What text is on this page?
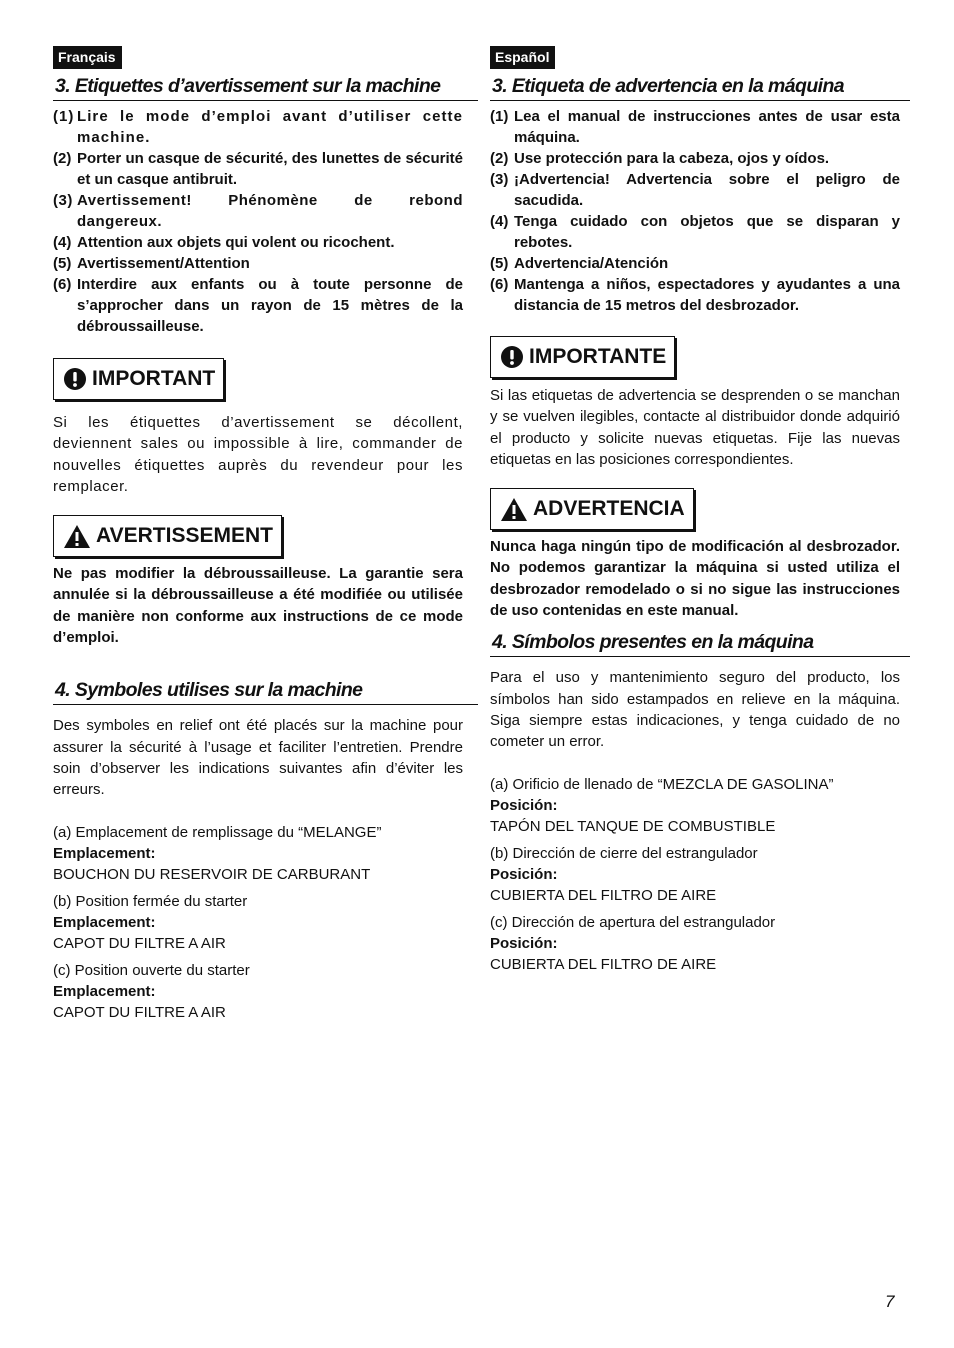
Français
3. Etiquettes d’avertissement sur la machine
(1) Lire le mode d’emploi avant d’utiliser cette machine.
(2) Porter un casque de sécurité, des lunettes de sécurité et un casque antibruit.
(3) Avertissement! Phénomène de rebond dangereux.
(4) Attention aux objets qui volent ou ricochent.
(5) Avertissement/Attention
(6) Interdire aux enfants ou à toute personne de s’approcher dans un rayon de 15 mètres de la débroussailleuse.
IMPORTANT

Si les étiquettes d’avertissement se décollent, deviennent sales ou impossible à lire, commander de nouvelles étiquettes auprès du revendeur pour les remplacer.

AVERTISSEMENT

Ne pas modifier la débroussailleuse. La garantie sera annulée si la débroussailleuse a été modifiée ou utilisée de manière non conforme aux instructions de ce mode d’emploi.

4. Symboles utilises sur la machine

Des symboles en relief ont été placés sur la machine pour assurer la sécurité à l’usage et faciliter l’entretien. Prendre soin d’observer les indications suivantes afin d’éviter les erreurs.

(a) Emplacement de remplissage du “MELANGE”
Emplacement:
BOUCHON DU RESERVOIR DE CARBURANT
(b) Position fermée du starter
Emplacement:
CAPOT DU FILTRE A AIR
(c) Position ouverte du starter
Emplacement:
CAPOT DU FILTRE A AIR
Español
3. Etiqueta de advertencia en la máquina
(1) Lea el manual de instrucciones antes de usar esta máquina.
(2) Use protección para la cabeza, ojos y oídos.
(3) ¡Advertencia! Advertencia sobre el peligro de sacudida.
(4) Tenga cuidado con objetos que se disparan y rebotes.
(5) Advertencia/Atención
(6) Mantenga a niños, espectadores y ayudantes a una distancia de 15 metros del desbrozador.
IMPORTANTE

Si las etiquetas de advertencia se desprenden o se manchan y se vuelven ilegibles, contacte al distribuidor donde adquirió el producto y solicite nuevas etiquetas. Fije las nuevas etiquetas en las posiciones correspondientes.

ADVERTENCIA

Nunca haga ningún tipo de modificación al desbrozador. No podemos garantizar la máquina si usted utiliza el desbrozador remodelado o si no sigue las instrucciones de uso contenidas en este manual.

4. Símbolos presentes en la máquina

Para el uso y mantenimiento seguro del producto, los símbolos han sido estampados en relieve en la máquina. Siga siempre estas indicaciones, y tenga cuidado de no cometer un error.

(a) Orificio de llenado de “MEZCLA DE GASOLINA”
Posición:
TAPÓN DEL TANQUE DE COMBUSTIBLE
(b) Dirección de cierre del estrangulador
Posición:
CUBIERTA DEL FILTRO DE AIRE
(c) Dirección de apertura del estrangulador
Posición:
CUBIERTA DEL FILTRO DE AIRE
7
